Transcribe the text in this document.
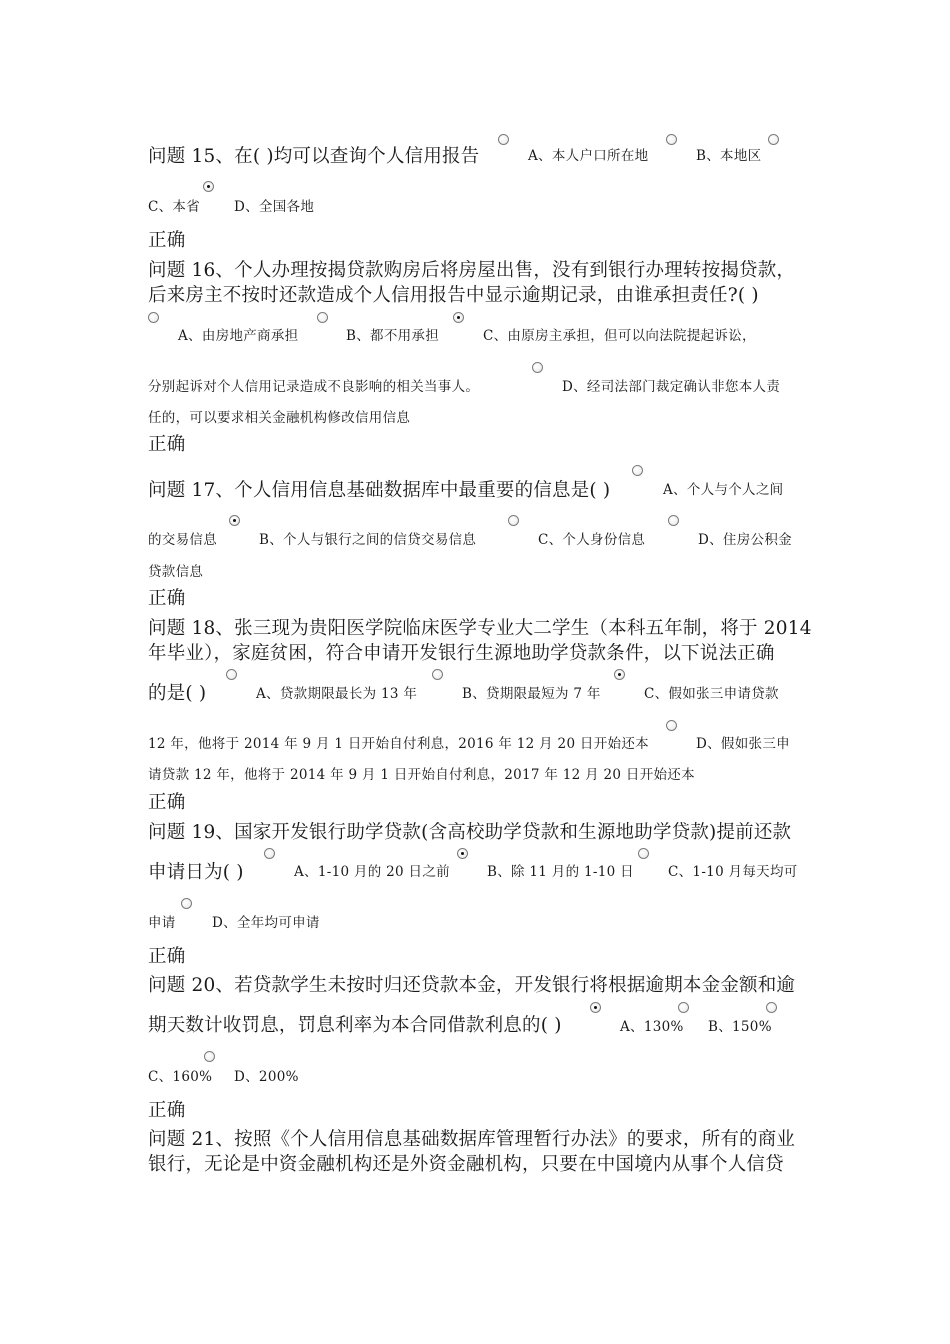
问题 15、在( )均可以查询个人信用报告	A、本人户口所在地	B、本地区
C、本省	D、全国各地
正确
问题 16、个人办理按揭贷款购房后将房屋出售，没有到银行办理转按揭贷款，
后来房主不按时还款造成个人信用报告中显示逾期记录，由谁承担责任?( )
A、由房地产商承担	B、都不用承担	C、由原房主承担，但可以向法院提起诉讼，
分别起诉对个人信用记录造成不良影响的相关当事人。	D、经司法部门裁定确认非您本人责
任的，可以要求相关金融机构修改信用信息
正确
问题 17、个人信用信息基础数据库中最重要的信息是( )	A、个人与个人之间
的交易信息	B、个人与银行之间的信贷交易信息	C、个人身份信息	D、住房公积金
贷款信息
正确
问题 18、张三现为贵阳医学院临床医学专业大二学生（本科五年制，将于 2014
年毕业），家庭贫困，符合申请开发银行生源地助学贷款条件，以下说法正确
的是( )	A、贷款期限最长为 13 年	B、贷期限最短为 7 年	C、假如张三申请贷款
12 年，他将于 2014 年 9 月 1 日开始自付利息，2016 年 12 月 20 日开始还本	D、假如张三申
请贷款 12 年，他将于 2014 年 9 月 1 日开始自付利息，2017 年 12 月 20 日开始还本
正确
问题 19、国家开发银行助学贷款(含高校助学贷款和生源地助学贷款)提前还款
申请日为( )	A、1-10 月的 20 日之前	B、除 11 月的 1-10 日	C、1-10 月每天均可
申请	D、全年均可申请
正确
问题 20、若贷款学生未按时归还贷款本金，开发银行将根据逾期本金金额和逾
期天数计收罚息，罚息利率为本合同借款利息的( )	A、130% B、150%
C、160% D、200%
正确
问题 21、按照《个人信用信息基础数据库管理暂行办法》的要求，所有的商业
银行，无论是中资金融机构还是外资金融机构，只要在中国境内从事个人信贷
